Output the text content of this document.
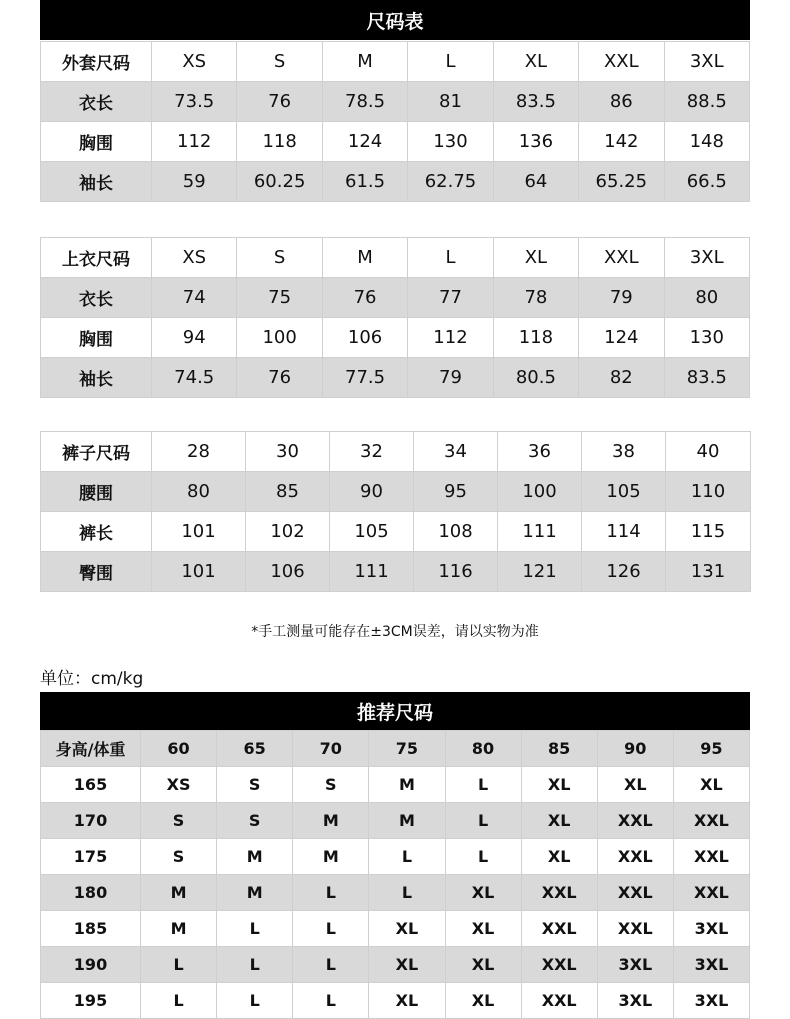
尺码表
外套尺码	XS	S	M	L	XL	XXL	3XL
衣长	73.5	76	78.5	81	83.5	86	88.5
胸围	112	118	124	130	136	142	148
袖长	59	60.25	61.5	62.75	64	65.25	66.5
上衣尺码	XS	S	M	L	XL	XXL	3XL
衣长	74	75	76	77	78	79	80
胸围	94	100	106	112	118	124	130
袖长	74.5	76	77.5	79	80.5	82	83.5
裤子尺码	28	30	32	34	36	38	40
腰围	80	85	90	95	100	105	110
裤长	101	102	105	108	111	114	115
臀围	101	106	111	116	121	126	131
*手工测量可能存在±3CM误差，请以实物为准
单位：cm/kg
推荐尺码
身高/体重	60	65	70	75	80	85	90	95
165	XS	S	S	M	L	XL	XL	XL
170	S	S	M	M	L	XL	XXL	XXL
175	S	M	M	L	L	XL	XXL	XXL
180	M	M	L	L	XL	XXL	XXL	XXL
185	M	L	L	XL	XL	XXL	XXL	3XL
190	L	L	L	XL	XL	XXL	3XL	3XL
195	L	L	L	XL	XL	XXL	3XL	3XL
